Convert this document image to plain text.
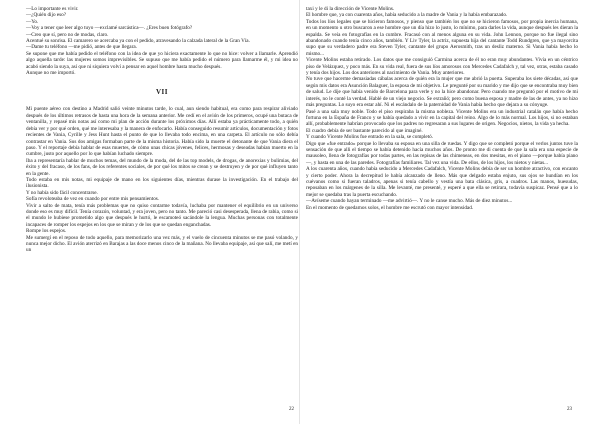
—Lo importante es vivir.

—¿Quién dijo eso?

—Yo.

—Voy a tener que leer algo tuyo —exclamé sarcástica—. ¿Eres buen fotógrafo?

—Creo que sí, pero no de modas, claro.

Acentué su sonrisa. El camarero se acercaba ya con el pedido, atravesando la calzada lateral de la Gran Vía.

—Dame tu teléfono —me pidió, antes de que llegara.

Se supone que me había pedido el teléfono con la idea de que yo hiciera exactamente lo que no hice: volver a llamarle. Aprendió algo aquella tarde: las mujeres somos imprevisibles. Se supuso que me había pedido el número para llamarme él, y mi idea no acabó siendo la suya, así que ni siquiera volví a pensar en aquel hombre hasta mucho después.

Aunque no me importó.

VII

Mi puente aéreo con destino a Madrid salió veinte minutos tarde, lo cual, aun siendo habitual, era como para respirar aliviado después de los últimos retrasos de hasta una hora de la semana anterior. Me cedí en el avión de los primeros, ocupé una butaca de ventanilla, y repasé mis notas así como mi plan de acción durante los próximos días. Allí estaba ya prácticamente todo, a quién debía ver y por qué orden, qué me interesaba y la manera de enfocarlo. Había conseguido resumir artículos, documentación y fotos recientes de Vania, Cyrille y Jess Hunt hasta el punto de que lo llevaba todo encima, en una carpeta. El artículo no sólo debía contrastar en Vania. Sus dos amigas formaban parte de la misma historia. Había sido la muerte el detonante de que Vania diera el paso. Y el reportaje debía hablar de esas muertes, de cómo unas chicas jóvenes, felices, hermosas y deseadas habían muerto en la cumbre, justo por aquello por lo que habían luchado siempre.

Iba a representaría hablar de muchos temas, del mundo de la moda, del de las top models, de drogas, de anorexias y bulimias, del éxito y del fracaso, de los fans, de los referentes sociales, de por qué los mitos se crean y se destruyen y de por qué influyen tanto en la gente.

Todo estaba en mis notas, mi equipaje de mano en los siguientes días, mientras durase la investigación. En el trabajo del ilusionista.

Y no había sido fácil concentrarse.

Sofía revoloteaba de vez en cuando por entre mis pensamientos.

Vivir a salto de mata, tenía más problemas que no quiso contarme todavía, luchaba por mantener el equilibrio en un universo donde eso es muy difícil. Tenía corazón, voluntad, y era joven, pero no tanto. Me pareció casi desesperada, llena de rabia, como si el mundo le hubiese prometido algo que después le hurtó, le escamoteó sacándole la lengua. Muchas personas con totalmente incapaces de romper los espejos en los que se miran y de los que se quedan enganchadas.

Rompe los espejos.

Me sumergí en el reposo de todo aquello, para memorizarlo una vez más, y el vuelo de cincuenta minutos se me pasó volando, y nunca mejor dicho. El avión aterrizó en Barajas a las doce menos cinco de la mañana. No llevaba equipaje, así que salí, me metí en un

22

taxi y le di la dirección de Vicente Molins.

El hombre que, ya con cuarenta años, había seducido a la madre de Vania y la había embarazado.

Todos los líos legales que se hicieron famosos, y pienso que también los que no se hicieron famosos, por propia inercia humana, en un momento u otro buscaron a ese hombre que un día hizo lo justo, lo mínimo, para darles la vida, aunque después les dieran la espalda. Se veía en fotografías en la cumbre. Fracasó con al menos alguna en su vida. John Lennon, porque no fue ilegal sino abandonado cuando tenía cinco años, también. Y Liv Tyler, la actriz, supuesta hija del cantante Todd Rundgren, que ya mayorcita supo que su verdadero padre era Steven Tyler, cantante del grupo Aerosmith, tras un desliz materno. Si Vania había hecho lo mismo...

Vicente Molins estaba retirado. Los datos que me consiguió Carmina acerca de él no eran muy abundantes. Vivía en un céntrico piso de Velázquez, y poco más. En su vida real, fuera de sus líos amorosos con Mercedes Cadafalch y, tal vez, otras, estaba casado y tenía dos hijos. Los dos anteriores al nacimiento de Vania. Muy anteriores.

No tuve que hacerme demasiadas cábalas acerca de quién era la mujer que me abrió la puerta. Superaba los siete décadas, así que según mis datos era Asunción Balaguer, la esposa de mi objetivo. Le pregunté por su marido y me dijo que se encontraba muy bien de salud. Le dije que había venido de Barcelona para verle y no la hice abandonar. Pero cuando me preguntó por el motivo de mi interés, no le conté la verdad. Hablé de un viejo negocio. Se extrañó; pero como buena esposa y madre de las de antes, ya no hizo más preguntas. Lo suyo era estar ahí. Ni el escándalo de la paternidad de Vania había hecho que dejara a su cónyuge.

Pasé a una sala muy noble. Todo el piso respiraba la misma nobleza. Vicente Molins era un industrial catalán que había hecho fortuna en la España de Franco y se había quedado a vivir en la capital del reino. Algo de lo más normal. Los hijos, si no estaban allí, probablemente habrían provocado que los padres no regresaran a sus lugares de origen. Negocios, nietos, la vida ya hecha.

El cuadro debía de ser bastante parecido al que imaginé.

Y cuando Vicente Molins fue entrado en la sala, se completó.

Digo que «fue entrado» porque lo llevaba su esposa en una silla de ruedas. Y digo que se completó porque el verlos juntos tuve la sensación de que alli el tiempo se había detenido hacía muchos años. De pronto me di cuenta de que la sala era una especie de mausoleo, llena de fotografías por todas partes, en las repisas de las chimeneas, en dos mesitas, en el piano —porque había piano—, y hasta en una de las paredes. Fotografías familiares. Tal vez una vida. De ellos, de los hijos, los nietos y nietas...

A los cuarenta años, cuando había seducido a Mercedes Cadafalch, Vicente Molins debía de ser un hombre atractivo, con encanto y cierto poder. Ahora la decrepitud le había alcanzado de lleno. Más que delgado estaba enjuto, sus ojos se hundían en los cuévanos como si fueran taladros, apenas si tenía cabello y vestía una bata clásica, gris, a cuadros. Las manos, huesudas, reposaban en los márgenes de la silla. Me levanté, me presenté, y esperé a que ella se retirara, todavía suspicaz. Pensé que a lo mejor se quedaba tras la puerta escuchando.

—Avíseme cuando hayan terminado —me advirtió—. Y no le canse mucho. Más de diez minutos...

En el momento de quedarnos solos, el hombre me escrutó con mayor intensidad.

23
